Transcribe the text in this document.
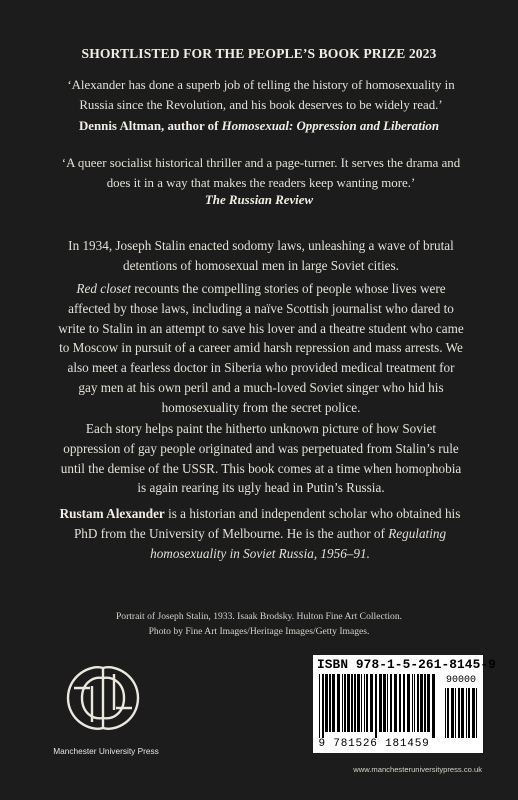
SHORTLISTED FOR THE PEOPLE’S BOOK PRIZE 2023
‘Alexander has done a superb job of telling the history of homosexuality in Russia since the Revolution, and his book deserves to be widely read.’
Dennis Altman, author of Homosexual: Oppression and Liberation
‘A queer socialist historical thriller and a page-turner. It serves the drama and does it in a way that makes the readers keep wanting more.’
The Russian Review
In 1934, Joseph Stalin enacted sodomy laws, unleashing a wave of brutal detentions of homosexual men in large Soviet cities.
Red closet recounts the compelling stories of people whose lives were affected by those laws, including a naïve Scottish journalist who dared to write to Stalin in an attempt to save his lover and a theatre student who came to Moscow in pursuit of a career amid harsh repression and mass arrests. We also meet a fearless doctor in Siberia who provided medical treatment for gay men at his own peril and a much-loved Soviet singer who hid his homosexuality from the secret police.
Each story helps paint the hitherto unknown picture of how Soviet oppression of gay people originated and was perpetuated from Stalin’s rule until the demise of the USSR. This book comes at a time when homophobia is again rearing its ugly head in Putin’s Russia.
Rustam Alexander is a historian and independent scholar who obtained his PhD from the University of Melbourne. He is the author of Regulating homosexuality in Soviet Russia, 1956–91.
Portrait of Joseph Stalin, 1933. Isaak Brodsky. Hulton Fine Art Collection.
Photo by Fine Art Images/Heritage Images/Getty Images.
Manchester University Press
ISBN 978-1-5-261-8145-9
9 781526 181459
90000
www.manchesteruniversitypress.co.uk
